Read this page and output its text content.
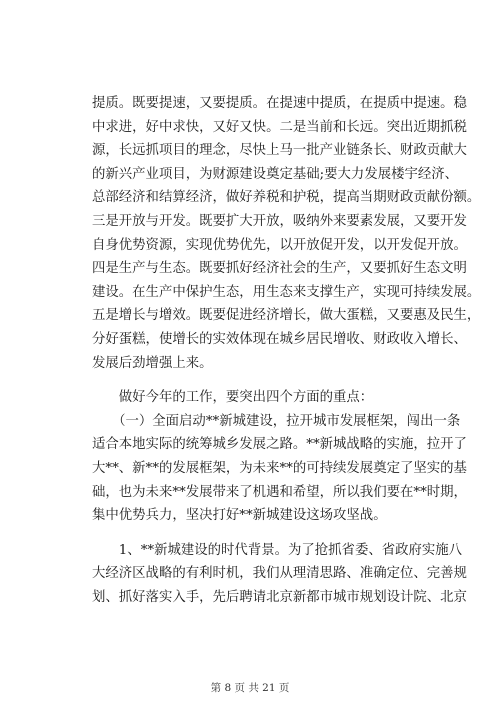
提质。既要提速，又要提质。在提速中提质，在提质中提速。稳
中求进，好中求快，又好又快。二是当前和长远。突出近期抓税
源，长远抓项目的理念，尽快上马一批产业链条长、财政贡献大
的新兴产业项目，为财源建设奠定基础;要大力发展楼宇经济、
总部经济和结算经济，做好养税和护税，提高当期财政贡献份额。
三是开放与开发。既要扩大开放，吸纳外来要素发展，又要开发
自身优势资源，实现优势优先，以开放促开发，以开发促开放。
四是生产与生态。既要抓好经济社会的生产，又要抓好生态文明
建设。在生产中保护生态，用生态来支撑生产，实现可持续发展。
五是增长与增效。既要促进经济增长，做大蛋糕，又要惠及民生，
分好蛋糕，使增长的实效体现在城乡居民增收、财政收入增长、
发展后劲增强上来。
　　做好今年的工作，要突出四个方面的重点：
　　（一）全面启动**新城建设，拉开城市发展框架，闯出一条
适合本地实际的统筹城乡发展之路。**新城战略的实施，拉开了
大**、新**的发展框架，为未来**的可持续发展奠定了坚实的基
础，也为未来**发展带来了机遇和希望，所以我们要在**时期，
集中优势兵力，坚决打好**新城建设这场攻坚战。
　　1、**新城建设的时代背景。为了抢抓省委、省政府实施八
大经济区战略的有利时机，我们从理清思路、准确定位、完善规
划、抓好落实入手，先后聘请北京新都市城市规划设计院、北京
第 8 页 共 21 页
